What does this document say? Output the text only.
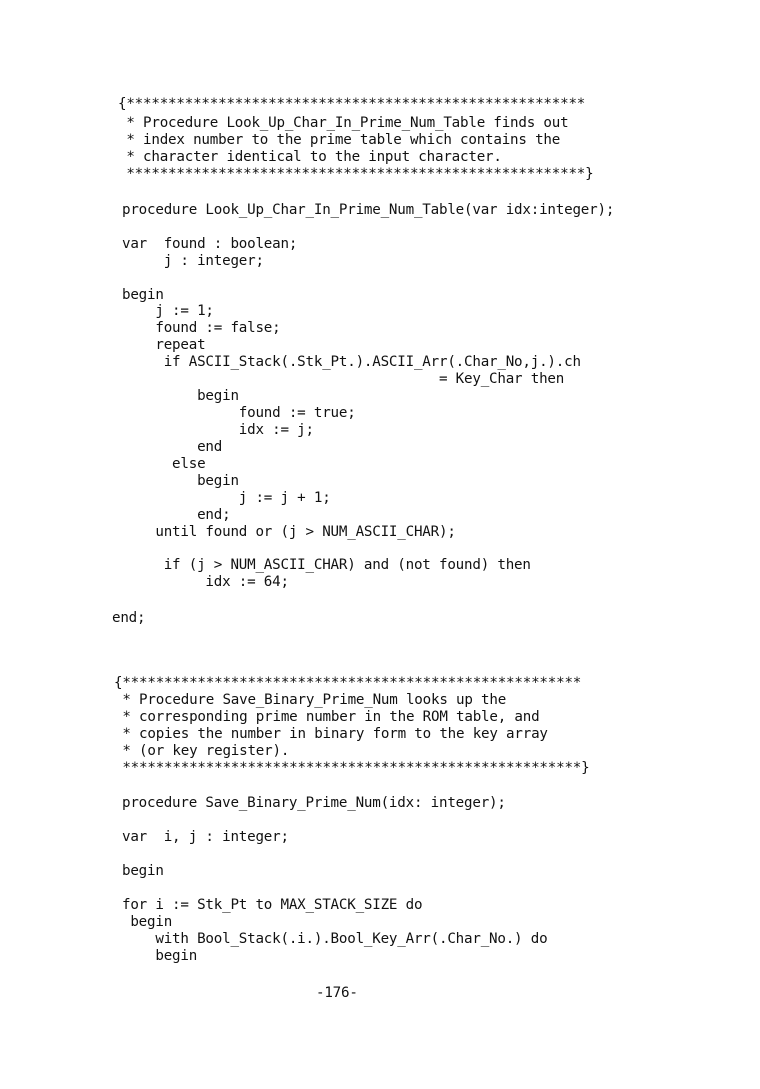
{*******************************************************
* Procedure Look_Up_Char_In_Prime_Num_Table finds out
* index number to the prime table which contains the
* character identical to the input character.
*******************************************************}
procedure Look_Up_Char_In_Prime_Num_Table(var idx:integer);
var  found : boolean;
j : integer;
begin
j := 1;
found := false;
repeat
if ASCII_Stack(.Stk_Pt.).ASCII_Arr(.Char_No,j.).ch
= Key_Char then
begin
found := true;
idx := j;
end
else
begin
j := j + 1;
end;
until found or (j > NUM_ASCII_CHAR);
if (j > NUM_ASCII_CHAR) and (not found) then
idx := 64;
end;
{*******************************************************
* Procedure Save_Binary_Prime_Num looks up the
* corresponding prime number in the ROM table, and
* copies the number in binary form to the key array
* (or key register).
*******************************************************}
procedure Save_Binary_Prime_Num(idx: integer);
var  i, j : integer;
begin
for i := Stk_Pt to MAX_STACK_SIZE do
begin
with Bool_Stack(.i.).Bool_Key_Arr(.Char_No.) do
begin
-176-
